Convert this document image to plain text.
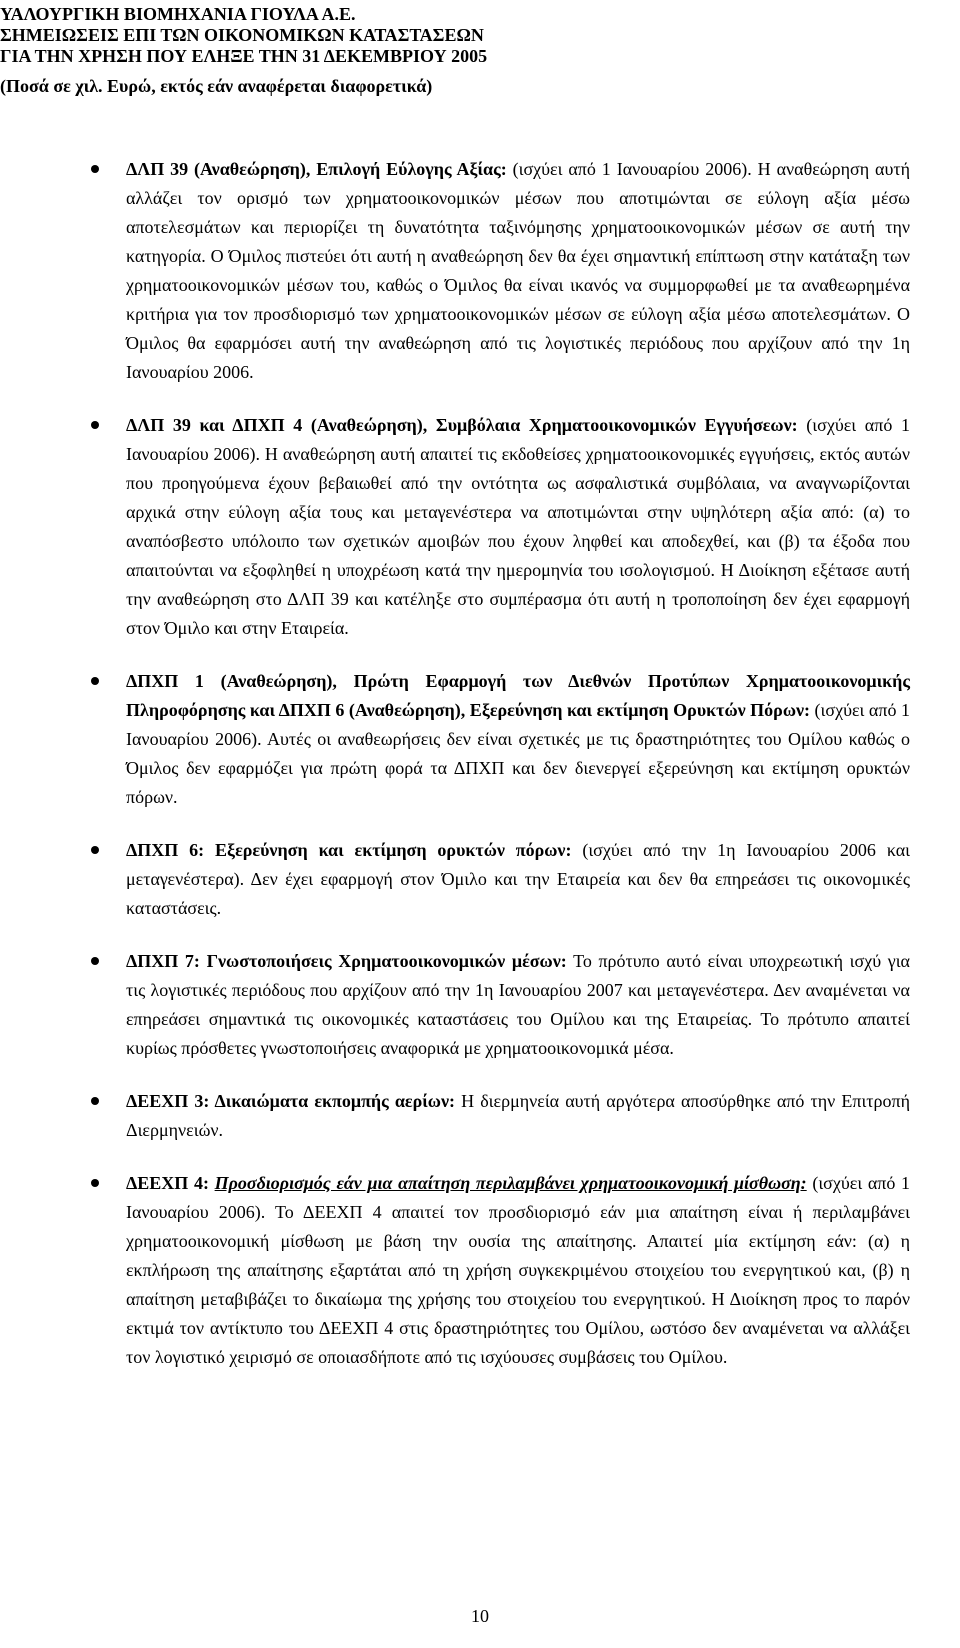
ΥΑΛΟΥΡΓΙΚΗ ΒΙΟΜΗΧΑΝΙΑ ΓΙΟΥΛΑ Α.Ε.
ΣΗΜΕΙΩΣΕΙΣ ΕΠΙ ΤΩΝ ΟΙΚΟΝΟΜΙΚΩΝ ΚΑΤΑΣΤΑΣΕΩΝ
ΓΙΑ ΤΗΝ ΧΡΗΣΗ ΠΟΥ ΕΛΗΞΕ ΤΗΝ 31 ΔΕΚΕΜΒΡΙΟΥ 2005
(Ποσά σε χιλ. Ευρώ, εκτός εάν αναφέρεται διαφορετικά)
ΔΛΠ 39 (Αναθεώρηση), Επιλογή Εύλογης Αξίας: (ισχύει από 1 Ιανουαρίου 2006). Η αναθεώρηση αυτή αλλάζει τον ορισμό των χρηματοοικονομικών μέσων που αποτιμώνται σε εύλογη αξία μέσω αποτελεσμάτων και περιορίζει τη δυνατότητα ταξινόμησης χρηματοοικονομικών μέσων σε αυτή την κατηγορία. Ο Όμιλος πιστεύει ότι αυτή η αναθεώρηση δεν θα έχει σημαντική επίπτωση στην κατάταξη των χρηματοοικονομικών μέσων του, καθώς ο Όμιλος θα είναι ικανός να συμμορφωθεί με τα αναθεωρημένα κριτήρια για τον προσδιορισμό των χρηματοοικονομικών μέσων σε εύλογη αξία μέσω αποτελεσμάτων. Ο Όμιλος θα εφαρμόσει αυτή την αναθεώρηση από τις λογιστικές περιόδους που αρχίζουν από την 1η Ιανουαρίου 2006.
ΔΛΠ 39 και ΔΠΧΠ 4 (Αναθεώρηση), Συμβόλαια Χρηματοοικονομικών Εγγυήσεων: (ισχύει από 1 Ιανουαρίου 2006). Η αναθεώρηση αυτή απαιτεί τις εκδοθείσες χρηματοοικονομικές εγγυήσεις, εκτός αυτών που προηγούμενα έχουν βεβαιωθεί από την οντότητα ως ασφαλιστικά συμβόλαια, να αναγνωρίζονται αρχικά στην εύλογη αξία τους και μεταγενέστερα να αποτιμώνται στην υψηλότερη αξία από: (α) το αναπόσβεστο υπόλοιπο των σχετικών αμοιβών που έχουν ληφθεί και αποδεχθεί, και (β) τα έξοδα που απαιτούνται να εξοφληθεί η υποχρέωση κατά την ημερομηνία του ισολογισμού. Η Διοίκηση εξέτασε αυτή την αναθεώρηση στο ΔΛΠ 39 και κατέληξε στο συμπέρασμα ότι αυτή η τροποποίηση δεν έχει εφαρμογή στον Όμιλο και στην Εταιρεία.
ΔΠΧΠ 1 (Αναθεώρηση), Πρώτη Εφαρμογή των Διεθνών Προτύπων Χρηματοοικονομικής Πληροφόρησης και ΔΠΧΠ 6 (Αναθεώρηση), Εξερεύνηση και εκτίμηση Ορυκτών Πόρων: (ισχύει από 1 Ιανουαρίου 2006). Αυτές οι αναθεωρήσεις δεν είναι σχετικές με τις δραστηριότητες του Ομίλου καθώς ο Όμιλος δεν εφαρμόζει για πρώτη φορά τα ΔΠΧΠ και δεν διενεργεί εξερεύνηση και εκτίμηση ορυκτών πόρων.
ΔΠΧΠ 6: Εξερεύνηση και εκτίμηση ορυκτών πόρων: (ισχύει από την 1η Ιανουαρίου 2006 και μεταγενέστερα). Δεν έχει εφαρμογή στον Όμιλο και την Εταιρεία και δεν θα επηρεάσει τις οικονομικές καταστάσεις.
ΔΠΧΠ 7: Γνωστοποιήσεις Χρηματοοικονομικών μέσων: Το πρότυπο αυτό είναι υποχρεωτική ισχύ για τις λογιστικές περιόδους που αρχίζουν από την 1η Ιανουαρίου 2007 και μεταγενέστερα. Δεν αναμένεται να επηρεάσει σημαντικά τις οικονομικές καταστάσεις του Ομίλου και της Εταιρείας. Το πρότυπο απαιτεί κυρίως πρόσθετες γνωστοποιήσεις αναφορικά με χρηματοοικονομικά μέσα.
ΔΕΕΧΠ 3: Δικαιώματα εκπομπής αερίων: Η διερμηνεία αυτή αργότερα αποσύρθηκε από την Επιτροπή Διερμηνειών.
ΔΕΕΧΠ 4: Προσδιορισμός εάν μια απαίτηση περιλαμβάνει χρηματοοικονομική μίσθωση: (ισχύει από 1 Ιανουαρίου 2006). Το ΔΕΕΧΠ 4 απαιτεί τον προσδιορισμό εάν μια απαίτηση είναι ή περιλαμβάνει χρηματοοικονομική μίσθωση με βάση την ουσία της απαίτησης. Απαιτεί μία εκτίμηση εάν: (α) η εκπλήρωση της απαίτησης εξαρτάται από τη χρήση συγκεκριμένου στοιχείου του ενεργητικού και, (β) η απαίτηση μεταβιβάζει το δικαίωμα της χρήσης του στοιχείου του ενεργητικού. Η Διοίκηση προς το παρόν εκτιμά τον αντίκτυπο του ΔΕΕΧΠ 4 στις δραστηριότητες του Ομίλου, ωστόσο δεν αναμένεται να αλλάξει τον λογιστικό χειρισμό σε οποιασδήποτε από τις ισχύουσες συμβάσεις του Ομίλου.
10
